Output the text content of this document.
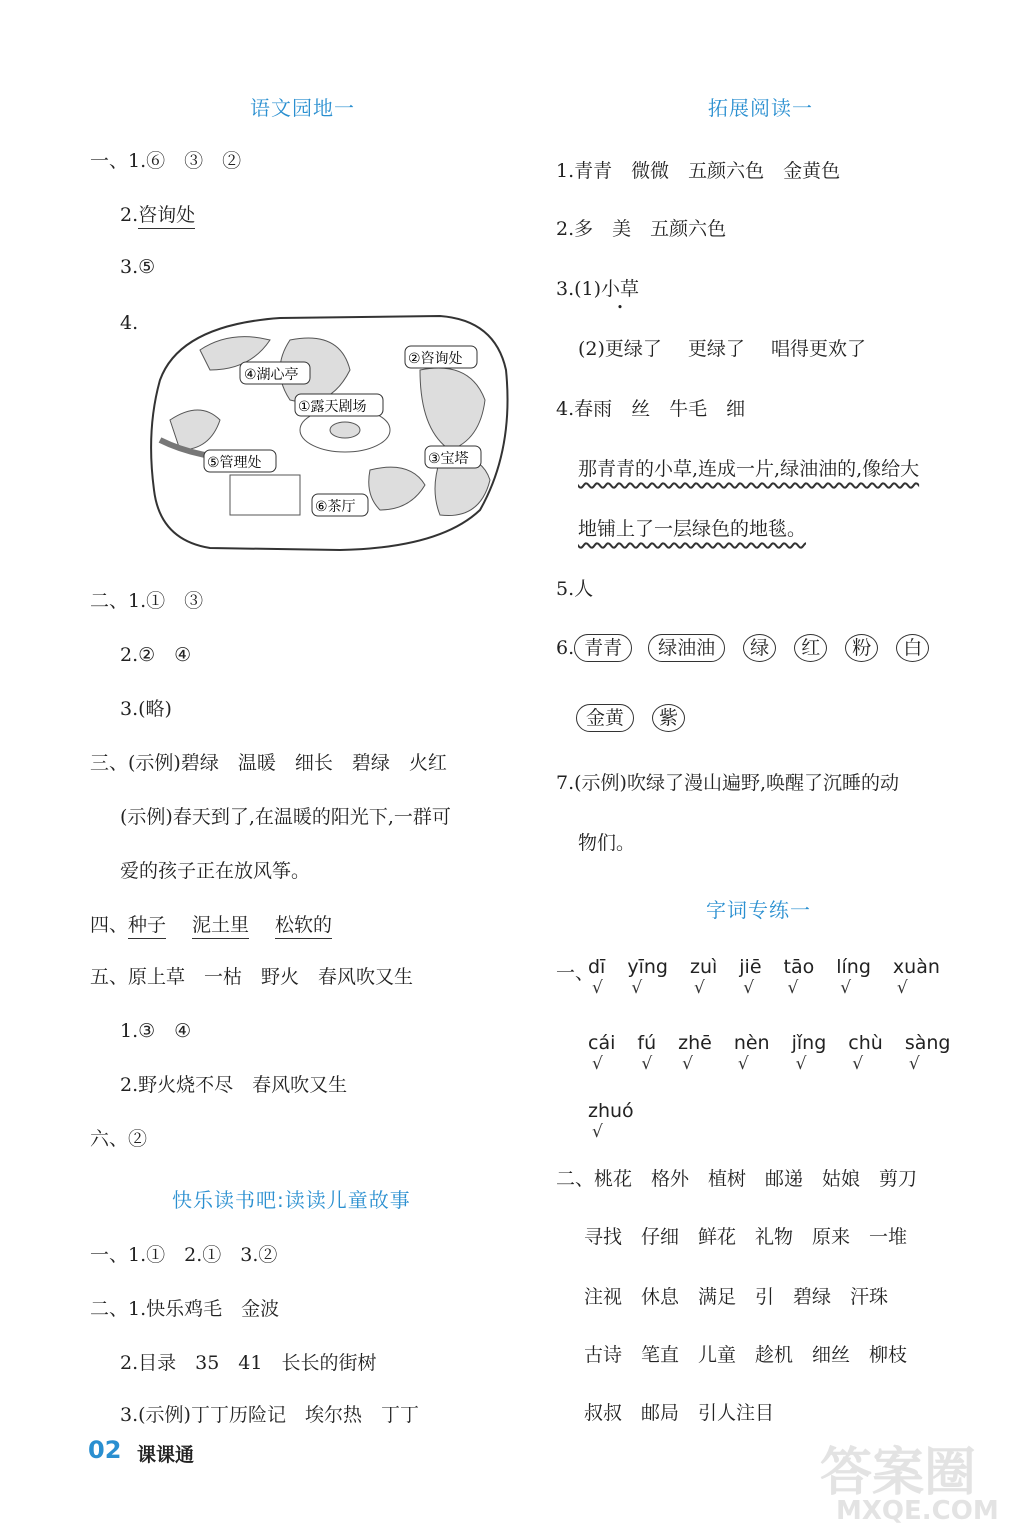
语文园地一
一、1.⑥　③　②
2.咨询处
3.⑤
4.
④湖心亭
②咨询处
①露天剧场
⑤管理处	③宝塔
⑥茶厅
二、1.①　③
2.②　④
3.(略)
三、(示例)碧绿　温暖　细长　碧绿　火红
(示例)春天到了,在温暖的阳光下,一群可
爱的孩子正在放风筝。
四、种子 泥土里 松软的
五、原上草　一枯　野火　春风吹又生
1.③　④
2.野火烧不尽　春风吹又生
六、②
快乐读书吧:读读儿童故事
一、1.①　2.①　3.②
二、1.快乐鸡毛　金波
2.目录　35　41　长长的街树
3.(示例)丁丁历险记　埃尔热　丁丁
拓展阅读一
1.青青　微微　五颜六色　金黄色
2.多　美　五颜六色
3.(1)小草
(2)更绿了 更绿了 唱得更欢了
4.春雨　丝　牛毛　细
那青青的小草,连成一片,绿油油的,像给大
地铺上了一层绿色的地毯。
5.人
6. 青青 绿油油 绿 红 粉 白
金黄 紫
7.(示例)吹绿了漫山遍野,唤醒了沉睡的动
物们。
字词专练一
一、
dī
√
yīng
√
zuì
√
jiē
√
tāo
√
líng
√
xuàn
√
cái
√
fú
√
zhē
√
nèn
√
jǐng
√
chù
√
sàng
√
zhuó
√
二、桃花　格外　植树　邮递　姑娘　剪刀
寻找　仔细　鲜花　礼物　原来　一堆
注视　休息　满足　引　碧绿　汗珠
古诗　笔直　儿童　趁机　细丝　柳枝
叔叔　邮局　引人注目
02 课课通	答案圈
MXQE.COM
